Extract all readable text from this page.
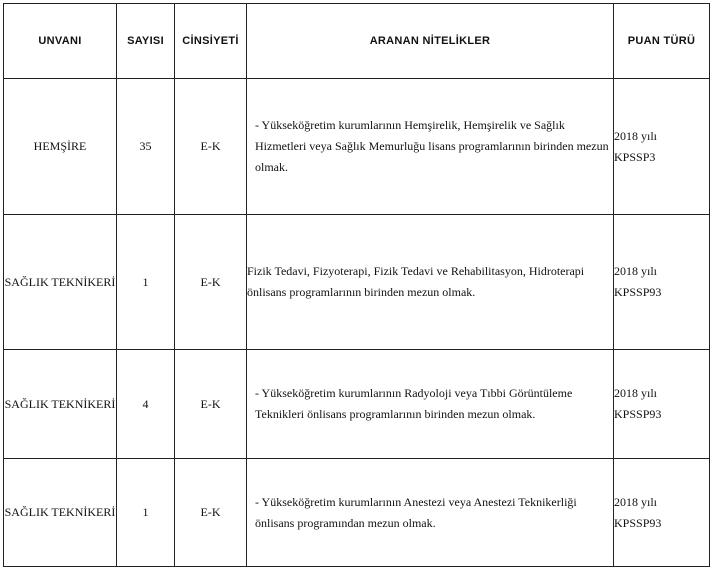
UNVANI	SAYISI	CİNSİYETİ	ARANAN NİTELİKLER	PUAN TÜRÜ
HEMŞİRE	35	E-K	- Yükseköğretim kurumlarının Hemşirelik, Hemşirelik ve Sağlık Hizmetleri veya Sağlık Memurluğu lisans programlarının birinden mezun olmak.	2018 yılı
KPSSP3

SAĞLIK TEKNİKERİ	1	E-K	Fizik Tedavi, Fizyoterapi, Fizik Tedavi ve Rehabilitasyon, Hidroterapi önlisans programlarının birinden mezun olmak.	2018 yılı
KPSSP93

SAĞLIK TEKNİKERİ	4	E-K	- Yükseköğretim kurumlarının Radyoloji veya Tıbbi Görüntüleme Teknikleri önlisans programlarının birinden mezun olmak.	2018 yılı
KPSSP93

SAĞLIK TEKNİKERİ	1	E-K	- Yükseköğretim kurumlarının Anestezi veya Anestezi Teknikerliği önlisans programından mezun olmak.	2018 yılı
KPSSP93
